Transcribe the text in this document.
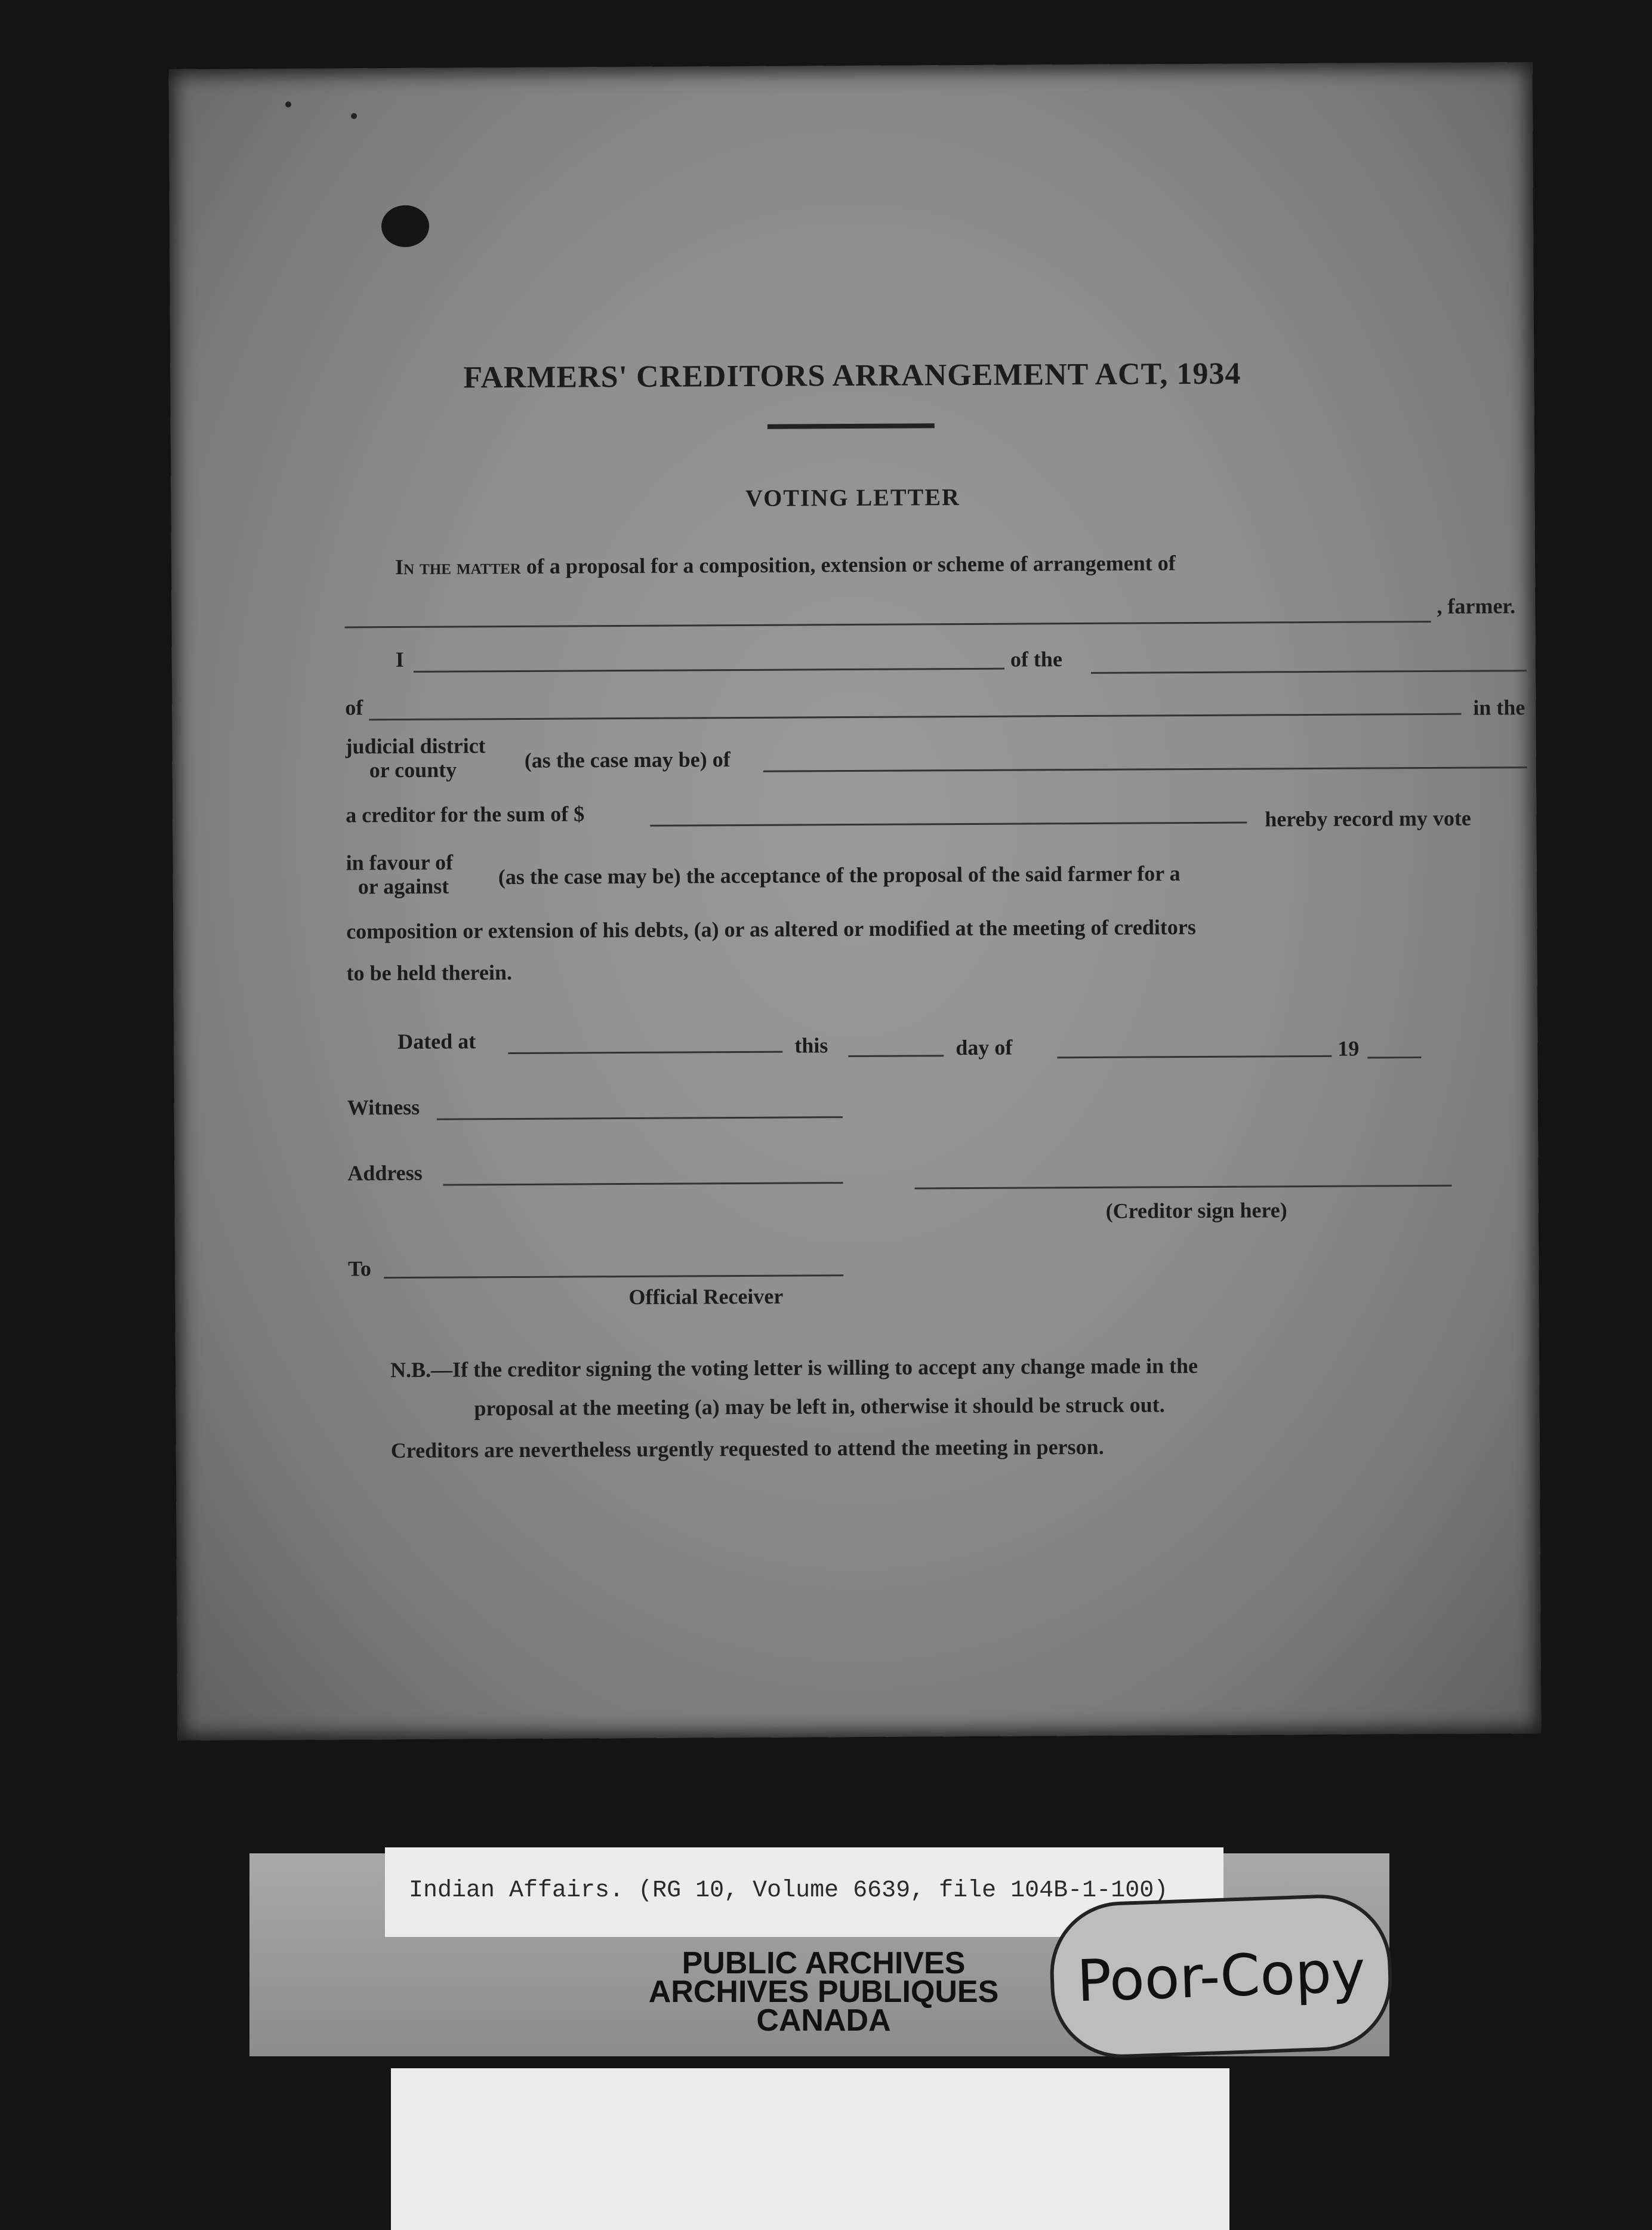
FARMERS' CREDITORS ARRANGEMENT ACT, 1934
VOTING LETTER
In the matter of a proposal for a composition, extension or scheme of arrangement of
, farmer.
I	of the
of	in the
judicial district
or county	(as the case may be) of
a creditor for the sum of $	hereby record my vote
in favour of
or against (as the case may be) the acceptance of the proposal of the said farmer for a
composition or extension of his debts, (a) or as altered or modified at the meeting of creditors
to be held therein.
Dated at	this	day of	19
Witness
Address
(Creditor sign here)
To
Official Receiver
N.B.—If the creditor signing the voting letter is willing to accept any change made in the
proposal at the meeting (a) may be left in, otherwise it should be struck out.
Creditors are nevertheless urgently requested to attend the meeting in person.
Indian Affairs. (RG 10, Volume 6639, file 104B-1-100)
PUBLIC ARCHIVES
ARCHIVES PUBLIQUES
CANADA
Poor-Copy
